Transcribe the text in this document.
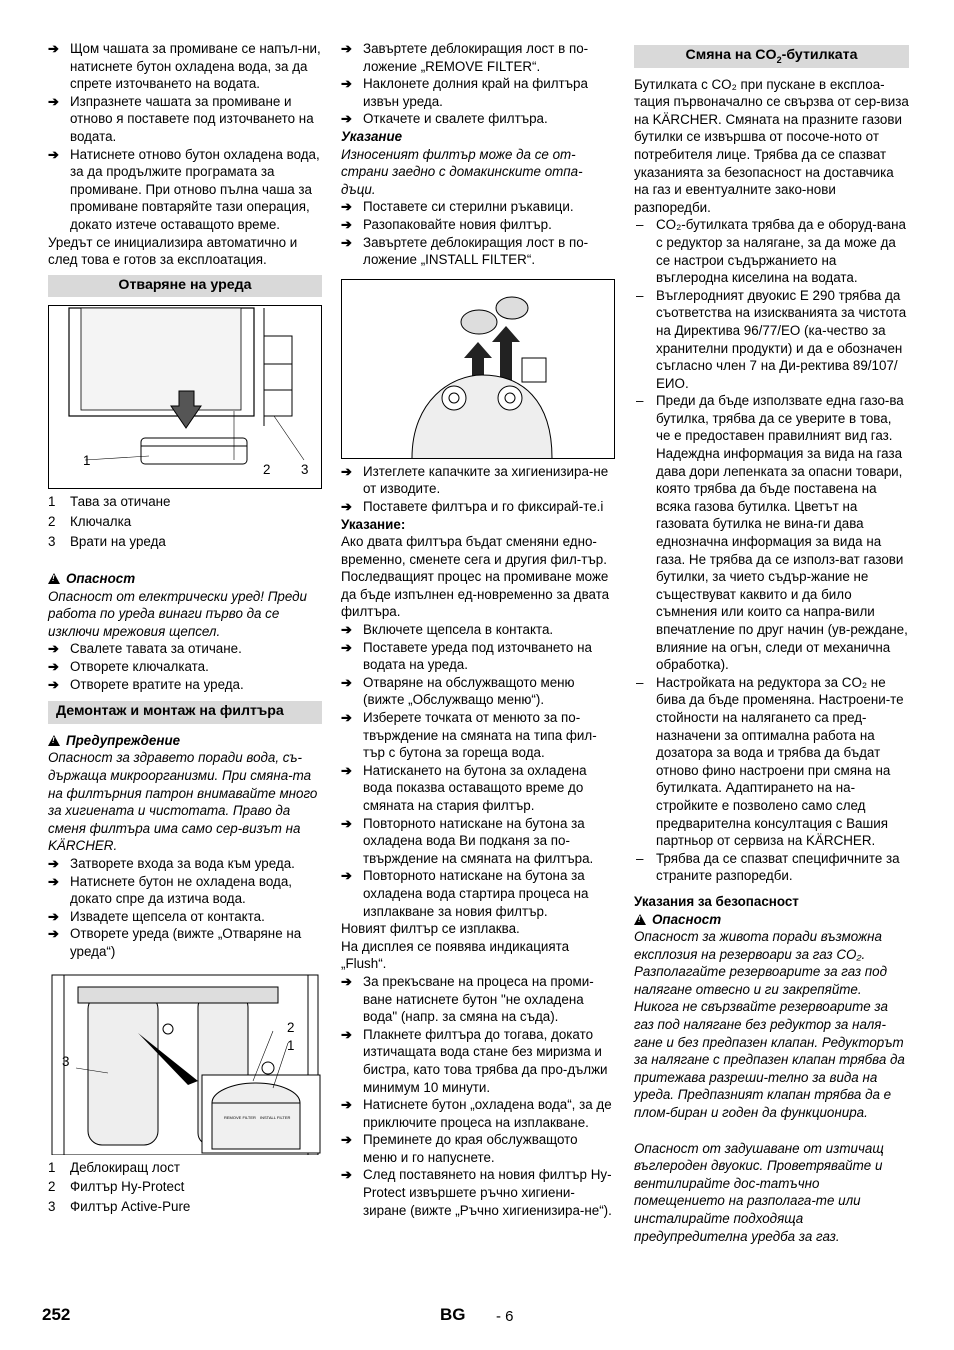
➔ Щом чашата за промиване се напъл-ни, натиснете бутон охладена вода, за да спрете източването на водата.
➔ Изпразнете чашата за промиване и отново я поставете под източването на водата.
➔ Натиснете отново бутон охладена вода, за да продължите програмата за промиване. При отново пълна чаша за промиване повтаряйте тази операция, докато изтече оставащото време.
Уредът се инициализира автоматично и след това е готов за експлоатация.
Отваряне на уреда
1
2 3
1	Тава за отичане
2	Ключалка
3	Врати на уреда
!Опасност
Опасност от електрически уред! Преди работа по уреда винаги първо да се изключи мрежовия щепсел.
➔ Свалете тавата за отичане.
➔ Отворете ключалката.
➔ Отворете вратите на уреда.
Демонтаж и монтаж на филтъра
!Предупреждение
Опасност за здравето поради вода, съ-държаща микроорганизми. При смяна-та на филтърния патрон внимавайте много за хигиената и чистотата. Право да сменя филтъра има само сер-визът на KÄRCHER.
➔ Затворете входа за вода към уреда.
➔ Натиснете бутон не охладена вода, докато спре да изтича вода.
➔ Извадете щепсела от контакта.
➔ Отворете уреда (вижте „Отваряне на уреда“)
3
2
1
REMOVE FILTER INSTALL FILTER
1	Деблокиращ лост
2	Филтър Hy-Protect
3	Филтър Active-Pure
➔ Завъртете деблокиращия лост в по-ложение „REMOVE FILTER“.
➔ Наклонете долния край на филтъра извън уреда.
➔ Откачете и свалете филтъра.
Указание
Износеният филтър може да се от-страни заедно с домакинските отпа-дъци.
➔ Поставете си стерилни ръкавици.
➔ Разопаковайте новия филтър.
➔ Завъртете деблокиращия лост в по-ложение „INSTALL FILTER“.
➔ Изтеглете капачките за хигиенизира-не от изводите.
➔ Поставете филтъра и го фиксирай-те.i
Указание:
Ако двата филтъра бъдат сменяни едно-временно, сменете сега и другия фил-тър. Последващият процес на промиване може да бъде изпълнен ед-новременно за двата филтъра.
➔ Включете щепсела в контакта.
➔ Поставете уреда под източването на водата на уреда.
➔ Отваряне на обслужващото меню (вижте „Обслужващо меню“).
➔ Изберете точката от менюто за по-твърждение на смяната на типа фил-тър с бутона за гореща вода.
➔ Натискането на бутона за охладена вода показва оставащото време до смяната на стария филтър.
➔ Повторното натискане на бутона за охладена вода Ви подканя за по-твърждение на смяната на филтъра.
➔ Повторното натискане на бутона за охладена вода стартира процеса на изплакване за новия филтър.
Новият филтър се изплаква.
На дисплея се появява индикацията „Flush“.
➔ За прекъсване на процеса на проми-ване натиснете бутон "не охладена вода" (напр. за смяна на съда).
➔ Плакнете филтъра до тогава, докато изтичащата вода стане без миризма и бистра, като това трябва да про-дължи минимум 10 минути.
➔ Натиснете бутон „охладена вода“, за де приключите процеса на изплакване.
➔ Преминете до края обслужващото меню и го напуснете.
➔ След поставянето на новия филтър Hy-Protect извършете ръчно хигиени-зиране (вижте „Ръчно хигиенизира-не“).
Смяна на $CO_2$-бутилката
Бутилката с CO₂ при пускане в експлоа-тация първоначално се свързва от сер-виза на KÄRCHER. Смяната на празните газови бутилки се извършва от посоче-ното от потребителя лице. Трябва да се спазват указанията за безопасност на доставчика на газ и евентуалните зако-нови разпоредби.
– CO₂-бутилката трябва да е оборуд-вана с редуктор за налягане, за да може да се настрои съдържанието на въглеродна киселина на водата.
– Въглеродният двуокис Е 290 трябва да съответства на изискванията за чистота на Директива 96/77/ЕО (ка-чество за хранителни продукти) и да е обозначен съгласно член 7 на Ди-ректива 89/107/ЕИО.
– Преди да бъде използвате една газо-ва бутилка, трябва да се уверите в това, че е предоставен правилният вид газ. Надеждна информация за вида на газа дава дори лепенката за опасни товари, която трябва да бъде поставена на всяка газова бутилка. Цветът на газовата бутилка не вина-ги дава еднозначна информация за вида на газа. Не трябва да се използ-ват газови бутилки, за чието съдър-жание не съществуват каквито и да било съмнения или които са напра-вили впечатление по друг начин (ув-реждане, влияние на огън, следи от механична обработка).
– Настройката на редуктора за CO₂ не бива да бъде променяна. Настроени-те стойности на налягането са пред-назначени за оптимална работа на дозатора за вода и трябва да бъдат отново фино настроени при смяна на бутилката. Адаптирането на на-стройките е позволено само след предварителна консултация с Вашия партньор от сервиза на KÄRCHER.
– Трябва да се спазват специфичните за страните разпоредби.
Указания за безопасност
!Опасност
Опасност за живота поради възможна експлозия на резервоари за газ CO₂. Разполагайте резервоарите за газ под налягане отвесно и ги закрепяйте. Никога не свързвайте резервоарите за газ под налягане без редуктор за наля-гане и без предпазен клапан. Редукторът за налягане с предпазен клапан трябва да притежава разреши-телно за вида на уреда. Предпазният клапан трябва да е плом-биран и годен да функционира.
Опасност от задушаване от изтичащ въглероден двуокис. Проветрявайте и вентилирайте дос-татъчно помещението на разполага-те или инсталирайте подходяща предупредителна уредба за газ.
252	BG - 6
